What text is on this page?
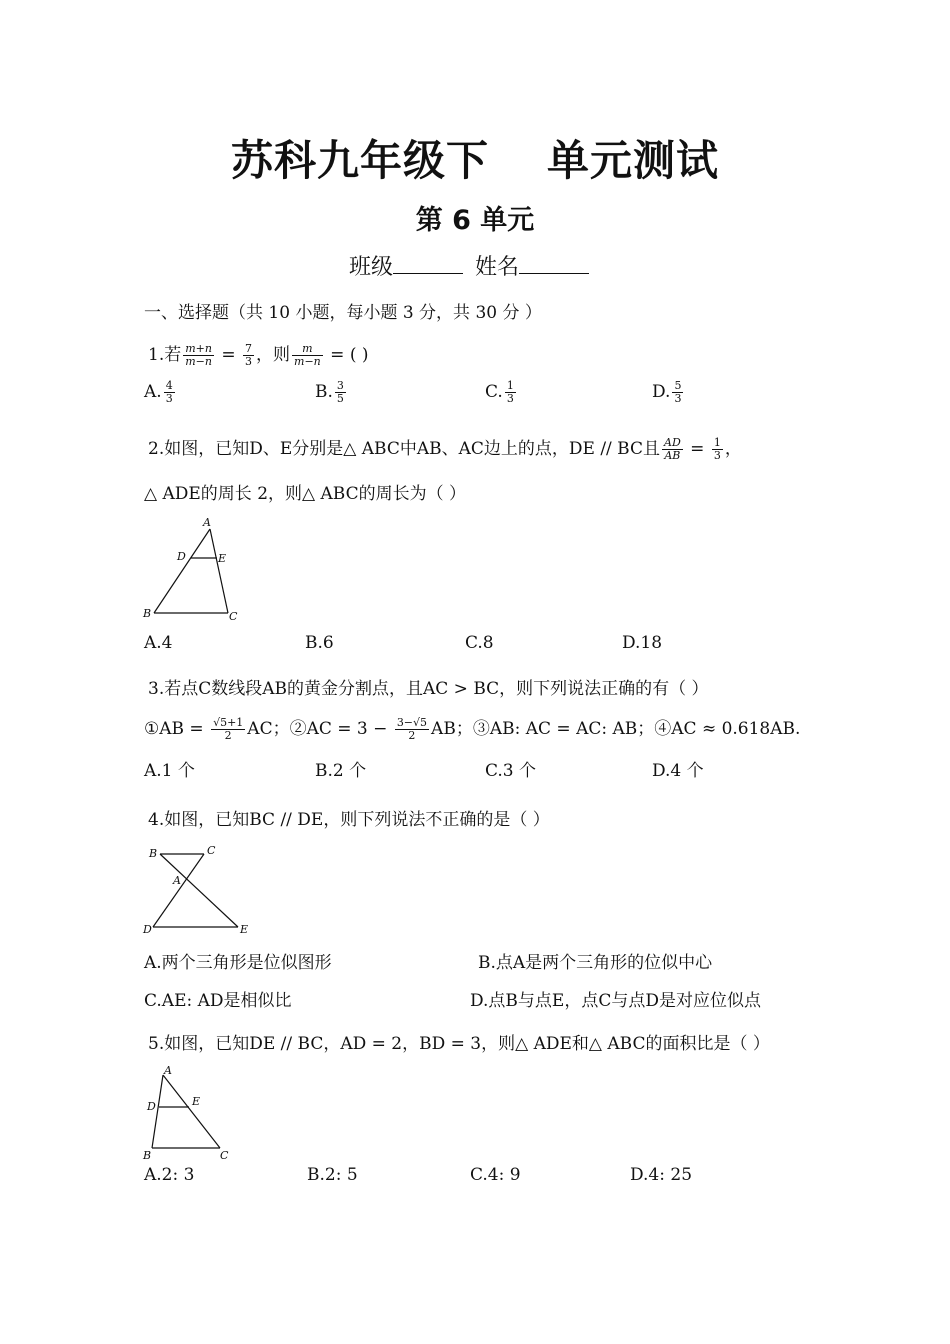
苏科九年级下 单元测试
第 6 单元
班级	姓名
一、选择题（共 10 小题，每小题 3 分，共 30 分 ）
1.若 $\frac{m+n}{m-n} = \frac{7}{3}$ ，则 $\frac{m}{m-n}$ = ( )
A. $\frac{4}{3}$	B. $\frac{3}{5}$	C. $\frac{1}{3}$	D. $\frac{5}{3}$
2.如图，已知D、E分别是△ ABC中AB、AC边上的点，DE // BC且 $\frac{AD}{AB} = \frac{1}{3}$ ，
△ ADE的周长 2，则△ ABC的周长为（ ）
A
D	E
B	C
A.4	B.6	C.8	D.18
3.若点C数线段AB的黄金分割点，且AC > BC，则下列说法正确的有（ ）
①AB = $\frac{√5+1}{2}$ AC；②AC = $3 - \frac{3-√5}{2}$ AB；③AB: AC = AC: AB；④AC ≈ 0.618AB.
A.1 个	B.2 个	C.3 个	D.4 个
4.如图，已知BC // DE，则下列说法不正确的是（ ）
B	C
A
D	E
A.两个三角形是位似图形	B.点A是两个三角形的位似中心
C.AE: AD是相似比	D.点B与点E，点C与点D是对应位似点
5.如图，已知DE // BC，AD = 2，BD = 3，则△ ADE和△ ABC的面积比是（ ）
A
D	E
B	C
A.2: 3	B.2: 5	C.4: 9	D.4: 25
